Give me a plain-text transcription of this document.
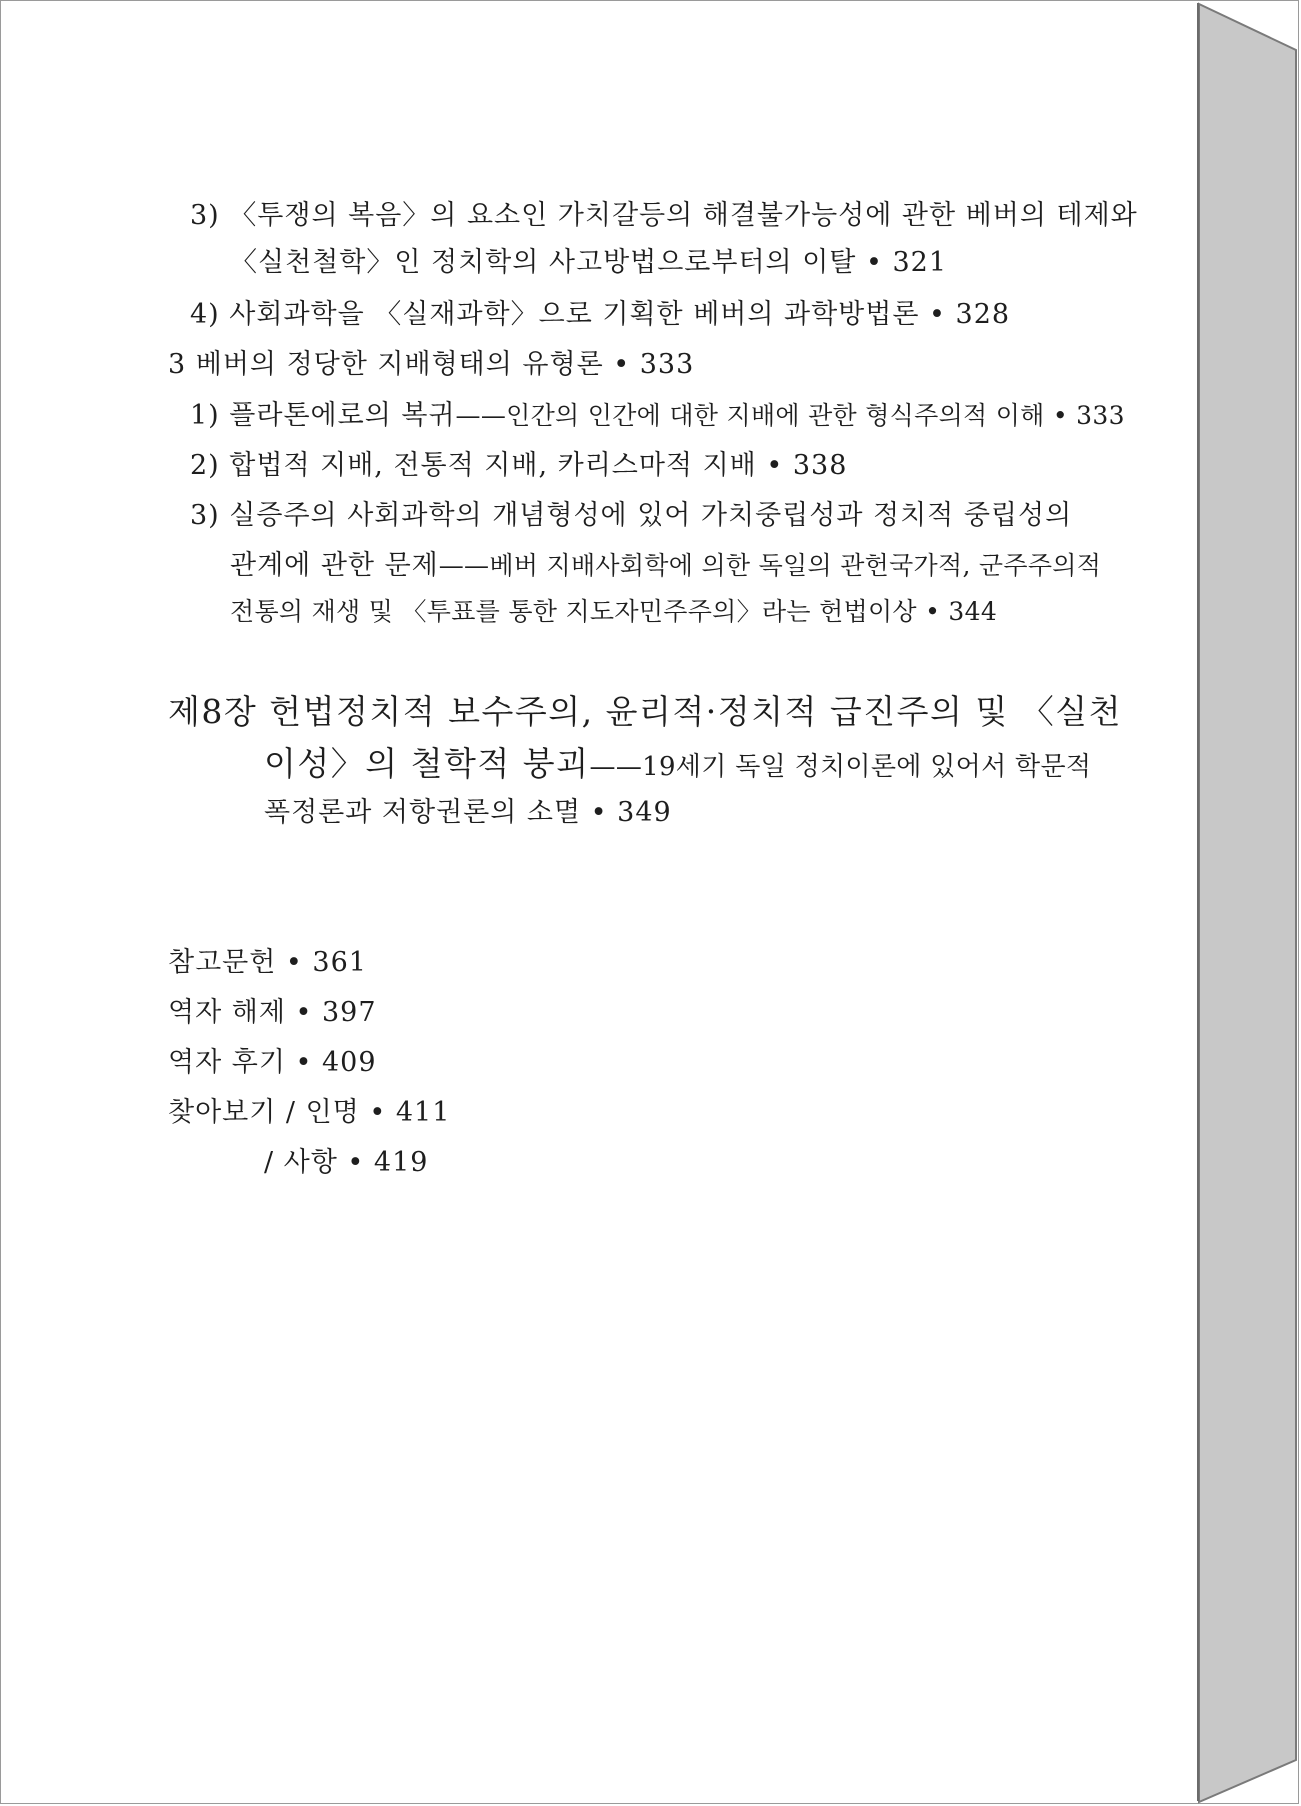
3) 〈투쟁의 복음〉의 요소인 가치갈등의 해결불가능성에 관한 베버의 테제와
〈실천철학〉인 정치학의 사고방법으로부터의 이탈 • 321
4) 사회과학을 〈실재과학〉으로 기획한 베버의 과학방법론 • 328
3 베버의 정당한 지배형태의 유형론 • 333
1) 플라톤에로의 복귀——인간의 인간에 대한 지배에 관한 형식주의적 이해 • 333
2) 합법적 지배, 전통적 지배, 카리스마적 지배 • 338
3) 실증주의 사회과학의 개념형성에 있어 가치중립성과 정치적 중립성의
관계에 관한 문제——베버 지배사회학에 의한 독일의 관헌국가적, 군주주의적
전통의 재생 및 〈투표를 통한 지도자민주주의〉라는 헌법이상 • 344
제8장 헌법정치적 보수주의, 윤리적·정치적 급진주의 및 〈실천
이성〉의 철학적 붕괴——19세기 독일 정치이론에 있어서 학문적
폭정론과 저항권론의 소멸 • 349
참고문헌 • 361
역자 해제 • 397
역자 후기 • 409
찾아보기 / 인명 • 411
/ 사항 • 419
